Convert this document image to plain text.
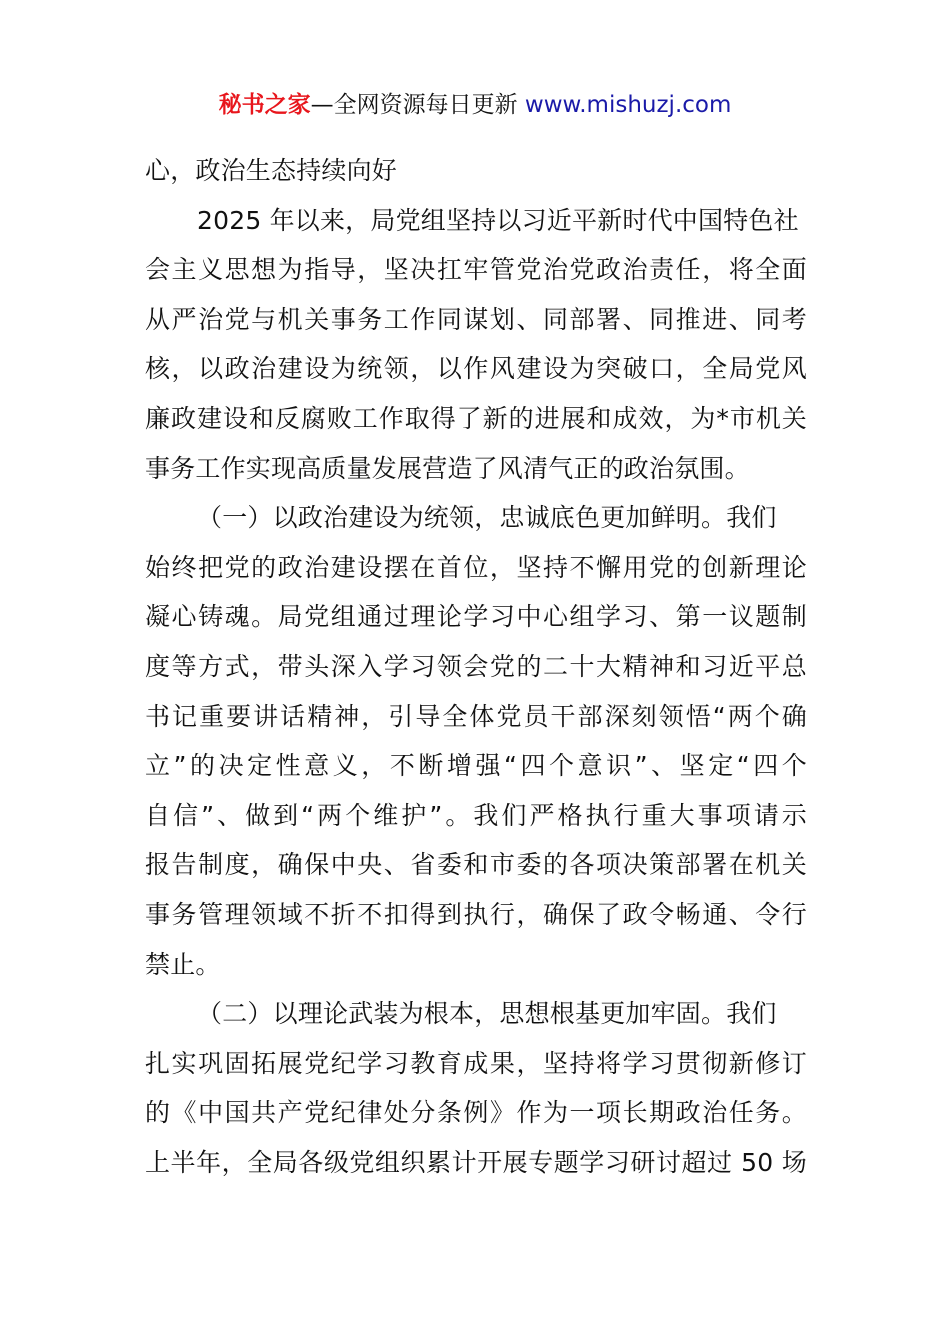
秘书之家—全网资源每日更新 www.mishuzj.com
心，政治生态持续向好
2025 年以来，局党组坚持以习近平新时代中国特色社
会主义思想为指导，坚决扛牢管党治党政治责任，将全面
从严治党与机关事务工作同谋划、同部署、同推进、同考
核，以政治建设为统领，以作风建设为突破口，全局党风
廉政建设和反腐败工作取得了新的进展和成效，为*市机关
事务工作实现高质量发展营造了风清气正的政治氛围。
（一）以政治建设为统领，忠诚底色更加鲜明。我们
始终把党的政治建设摆在首位，坚持不懈用党的创新理论
凝心铸魂。局党组通过理论学习中心组学习、第一议题制
度等方式，带头深入学习领会党的二十大精神和习近平总
书记重要讲话精神，引导全体党员干部深刻领悟“两个确
立”的决定性意义，不断增强“四个意识”、坚定“四个
自信”、做到“两个维护”。我们严格执行重大事项请示
报告制度，确保中央、省委和市委的各项决策部署在机关
事务管理领域不折不扣得到执行，确保了政令畅通、令行
禁止。
（二）以理论武装为根本，思想根基更加牢固。我们
扎实巩固拓展党纪学习教育成果，坚持将学习贯彻新修订
的《中国共产党纪律处分条例》作为一项长期政治任务。
上半年，全局各级党组织累计开展专题学习研讨超过 50 场
